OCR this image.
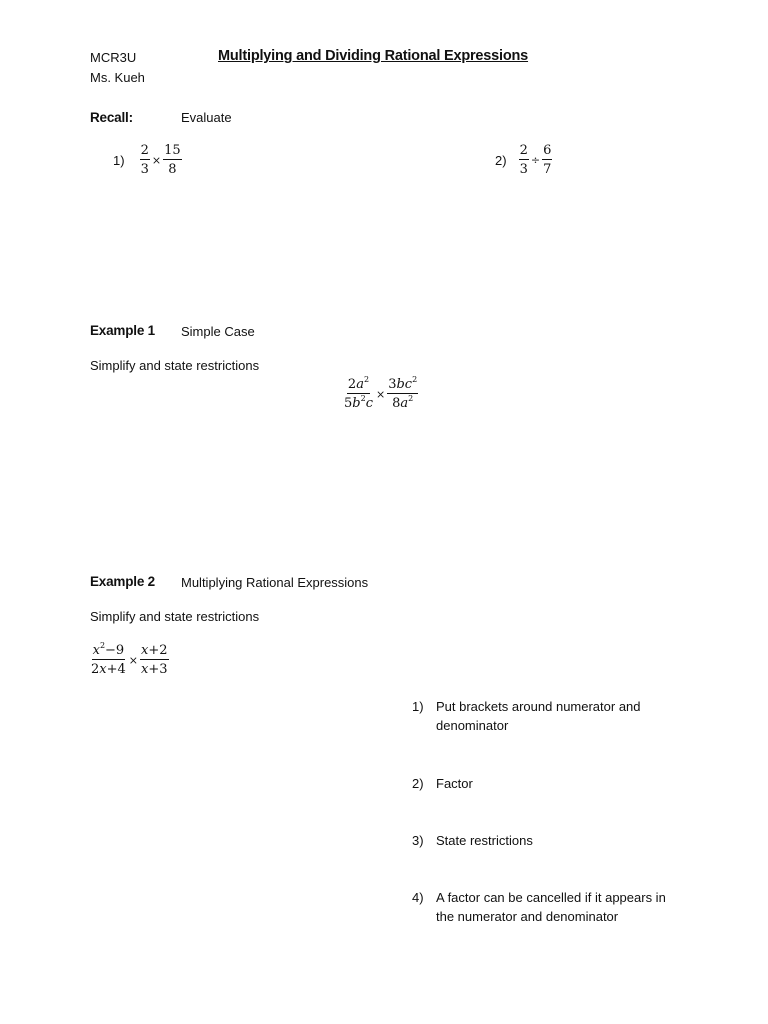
MCR3U
Ms. Kueh
Multiplying and Dividing Rational Expressions
Recall:	Evaluate
$1) \frac{2}{3} \times \frac{15}{8}$	$2) \frac{2}{3} \div \frac{6}{7}$
Example 1 Simple Case
Simplify and state restrictions
$\frac{2a^2}{5b^2c} \times \frac{3bc^2}{8a^2}$
Example 2 Multiplying Rational Expressions
Simplify and state restrictions
$\frac{x^2-9}{2x+4} \times \frac{x+2}{x+3}$
1) Put brackets around numerator and denominator
2) Factor
3) State restrictions
4) A factor can be cancelled if it appears in the numerator and denominator
